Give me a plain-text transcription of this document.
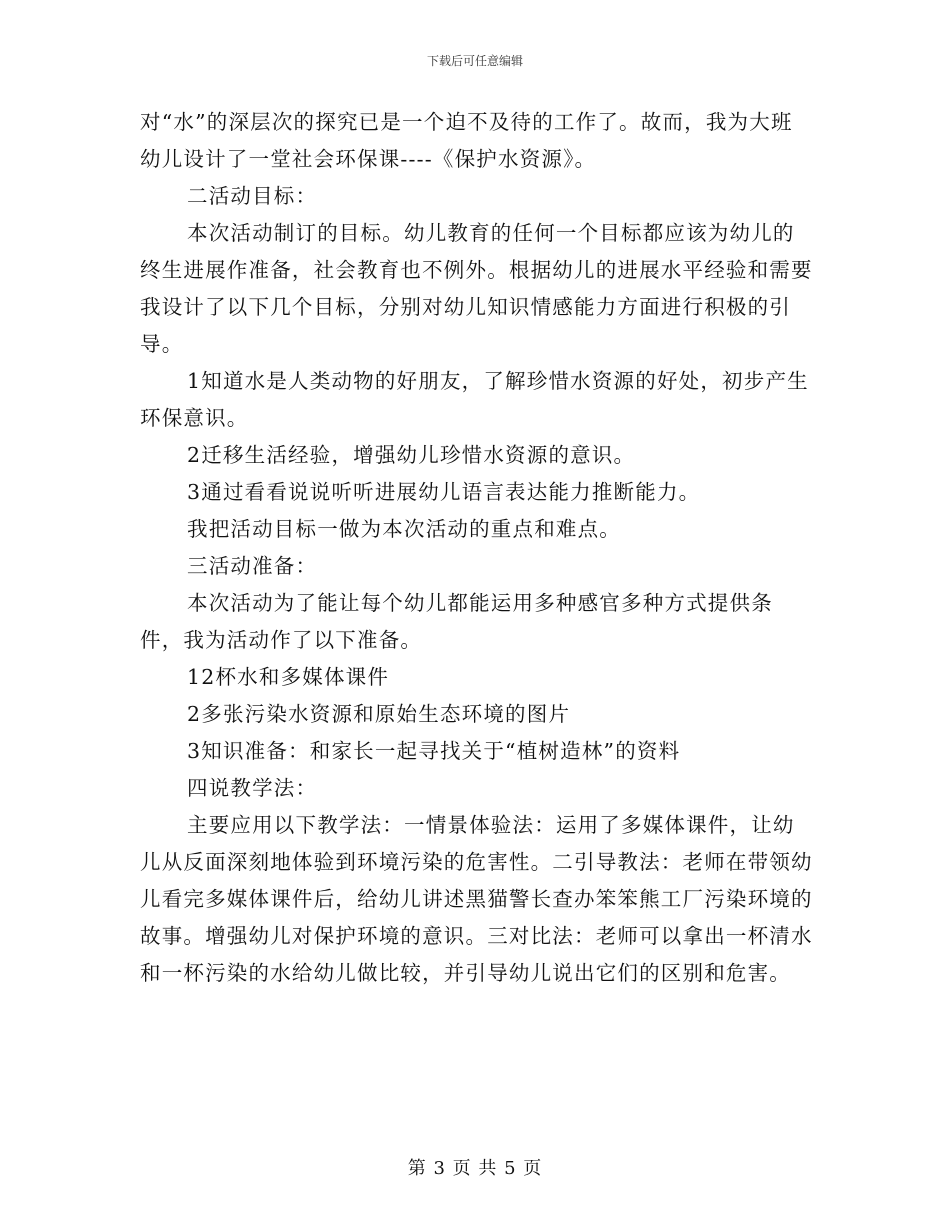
下载后可任意编辑

对“水”的深层次的探究已是一个迫不及待的工作了。故而，我为大班幼儿设计了一堂社会环保课----《保护水资源》。

二活动目标：

本次活动制订的目标。幼儿教育的任何一个目标都应该为幼儿的终生进展作准备，社会教育也不例外。根据幼儿的进展水平经验和需要我设计了以下几个目标，分别对幼儿知识情感能力方面进行积极的引导。

1知道水是人类动物的好朋友，了解珍惜水资源的好处，初步产生环保意识。

2迁移生活经验，增强幼儿珍惜水资源的意识。

3通过看看说说听听进展幼儿语言表达能力推断能力。

我把活动目标一做为本次活动的重点和难点。

三活动准备：

本次活动为了能让每个幼儿都能运用多种感官多种方式提供条件，我为活动作了以下准备。

12杯水和多媒体课件

2多张污染水资源和原始生态环境的图片

3知识准备：和家长一起寻找关于“植树造林”的资料

四说教学法：

主要应用以下教学法：一情景体验法：运用了多媒体课件，让幼儿从反面深刻地体验到环境污染的危害性。二引导教法：老师在带领幼儿看完多媒体课件后，给幼儿讲述黑猫警长查办笨笨熊工厂污染环境的故事。增强幼儿对保护环境的意识。三对比法：老师可以拿出一杯清水和一杯污染的水给幼儿做比较，并引导幼儿说出它们的区别和危害。

第 3 页 共 5 页
